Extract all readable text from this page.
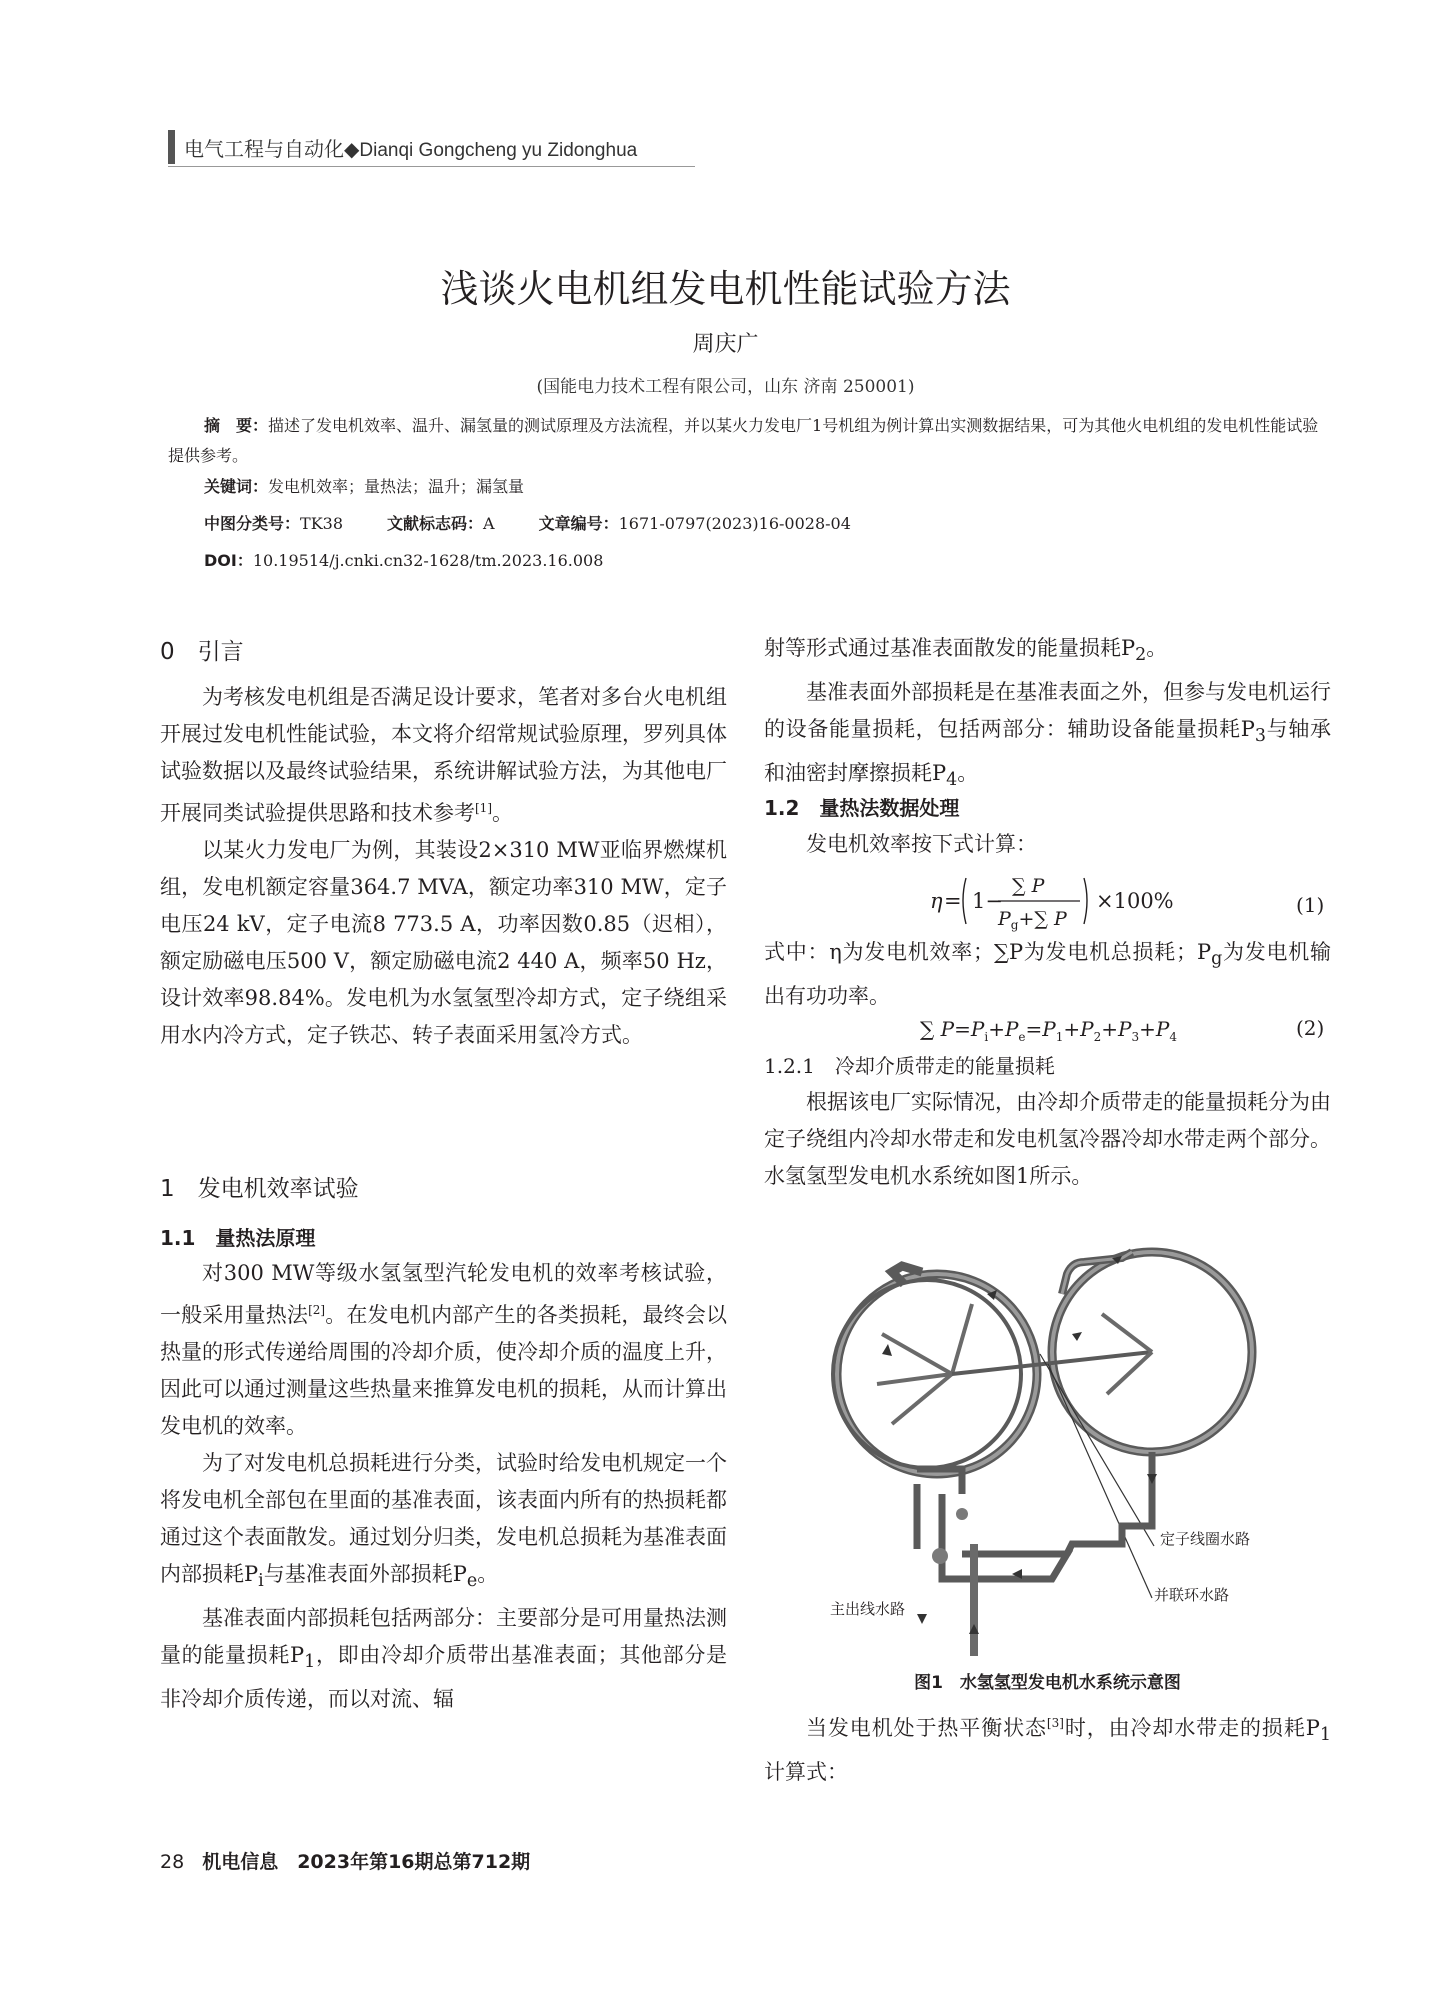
电气工程与自动化◆Dianqi Gongcheng yu Zidonghua
浅谈火电机组发电机性能试验方法
周庆广
(国能电力技术工程有限公司，山东 济南 250001)

摘　要：描述了发电机效率、温升、漏氢量的测试原理及方法流程，并以某火力发电厂1号机组为例计算出实测数据结果，可为其他火电机组的发电机性能试验提供参考。

关键词：发电机效率；量热法；温升；漏氢量
中图分类号：TK38	文献标志码：A	文章编号：1671-0797(2023)16-0028-04
DOI：10.19514/j.cnki.cn32-1628/tm.2023.16.008
0　引言

为考核发电机组是否满足设计要求，笔者对多台火电机组开展过发电机性能试验，本文将介绍常规试验原理，罗列具体试验数据以及最终试验结果，系统讲解试验方法，为其他电厂开展同类试验提供思路和技术参考[1]。

以某火力发电厂为例，其装设2×310 MW亚临界燃煤机组，发电机额定容量364.7 MVA，额定功率310 MW，定子电压24 kV，定子电流8 773.5 A，功率因数0.85（迟相），额定励磁电压500 V，额定励磁电流2 440 A，频率50 Hz，设计效率98.84%。发电机为水氢氢型冷却方式，定子绕组采用水内冷方式，定子铁芯、转子表面采用氢冷方式。

1　发电机效率试验
1.1　量热法原理

对300 MW等级水氢氢型汽轮发电机的效率考核试验，一般采用量热法[2]。在发电机内部产生的各类损耗，最终会以热量的形式传递给周围的冷却介质，使冷却介质的温度上升，因此可以通过测量这些热量来推算发电机的损耗，从而计算出发电机的效率。

为了对发电机总损耗进行分类，试验时给发电机规定一个将发电机全部包在里面的基准表面，该表面内所有的热损耗都通过这个表面散发。通过划分归类，发电机总损耗为基准表面内部损耗$P_i$与基准表面外部损耗$P_e$。

基准表面内部损耗包括两部分：主要部分是可用量热法测量的能量损耗$P_1$，即由冷却介质带出基准表面；其他部分是非冷却介质传递，而以对流、辐

射等形式通过基准表面散发的能量损耗$P_2$。

基准表面外部损耗是在基准表面之外，但参与发电机运行的设备能量损耗，包括两部分：辅助设备能量损耗$P_3$与轴承和油密封摩擦损耗$P_4$。

1.2　量热法数据处理

发电机效率按下式计算：

η = 1−
∑ P
$P_g+\sum$ P
×100%	(1)

式中：η为发电机效率；∑P为发电机总损耗；$P_g$为发电机输出有功功率。

∑ $P=P_i+P_e=P_1+P_2+P_3+P_4$	(2)
1.2.1　冷却介质带走的能量损耗

根据该电厂实际情况，由冷却介质带走的能量损耗分为由定子绕组内冷却水带走和发电机氢冷器冷却水带走两个部分。水氢氢型发电机水系统如图1所示。

定子线圈水路
并联环水路
主出线水路
图1　水氢氢型发电机水系统示意图

当发电机处于热平衡状态[3]时，由冷却水带走的损耗$P_1$计算式：

28 机电信息　2023年第16期总第712期
